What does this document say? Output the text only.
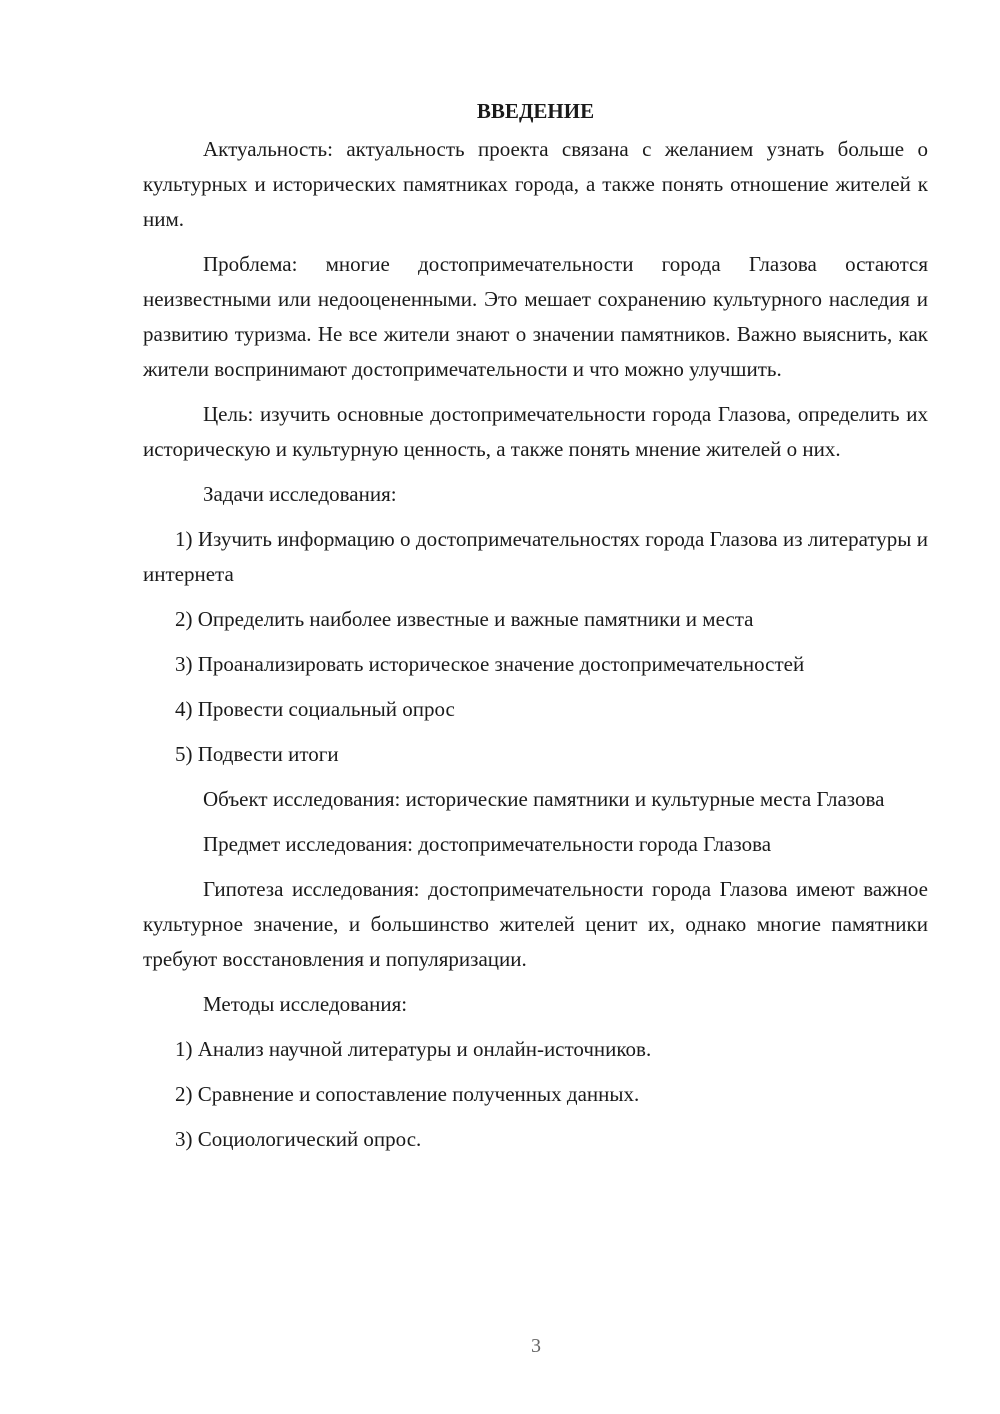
ВВЕДЕНИЕ

Актуальность: актуальность проекта связана с желанием узнать больше о культурных и исторических памятниках города, а также понять отношение жителей к ним.

Проблема: многие достопримечательности города Глазова остаются неизвестными или недооцененными. Это мешает сохранению культурного наследия и развитию туризма. Не все жители знают о значении памятников. Важно выяснить, как жители воспринимают достопримечательности и что можно улучшить.

Цель: изучить основные достопримечательности города Глазова, определить их историческую и культурную ценность, а также понять мнение жителей о них.

Задачи исследования:

1) Изучить информацию о достопримечательностях города Глазова из литературы и интернета

2) Определить наиболее известные и важные памятники и места

3) Проанализировать историческое значение достопримечательностей

4) Провести социальный опрос

5) Подвести итоги

Объект исследования: исторические памятники и культурные места Глазова

Предмет исследования: достопримечательности города Глазова

Гипотеза исследования: достопримечательности города Глазова имеют важное культурное значение, и большинство жителей ценит их, однако многие памятники требуют восстановления и популяризации.

Методы исследования:

1) Анализ научной литературы и онлайн-источников.

2) Сравнение и сопоставление полученных данных.

3) Социологический опрос.

3
